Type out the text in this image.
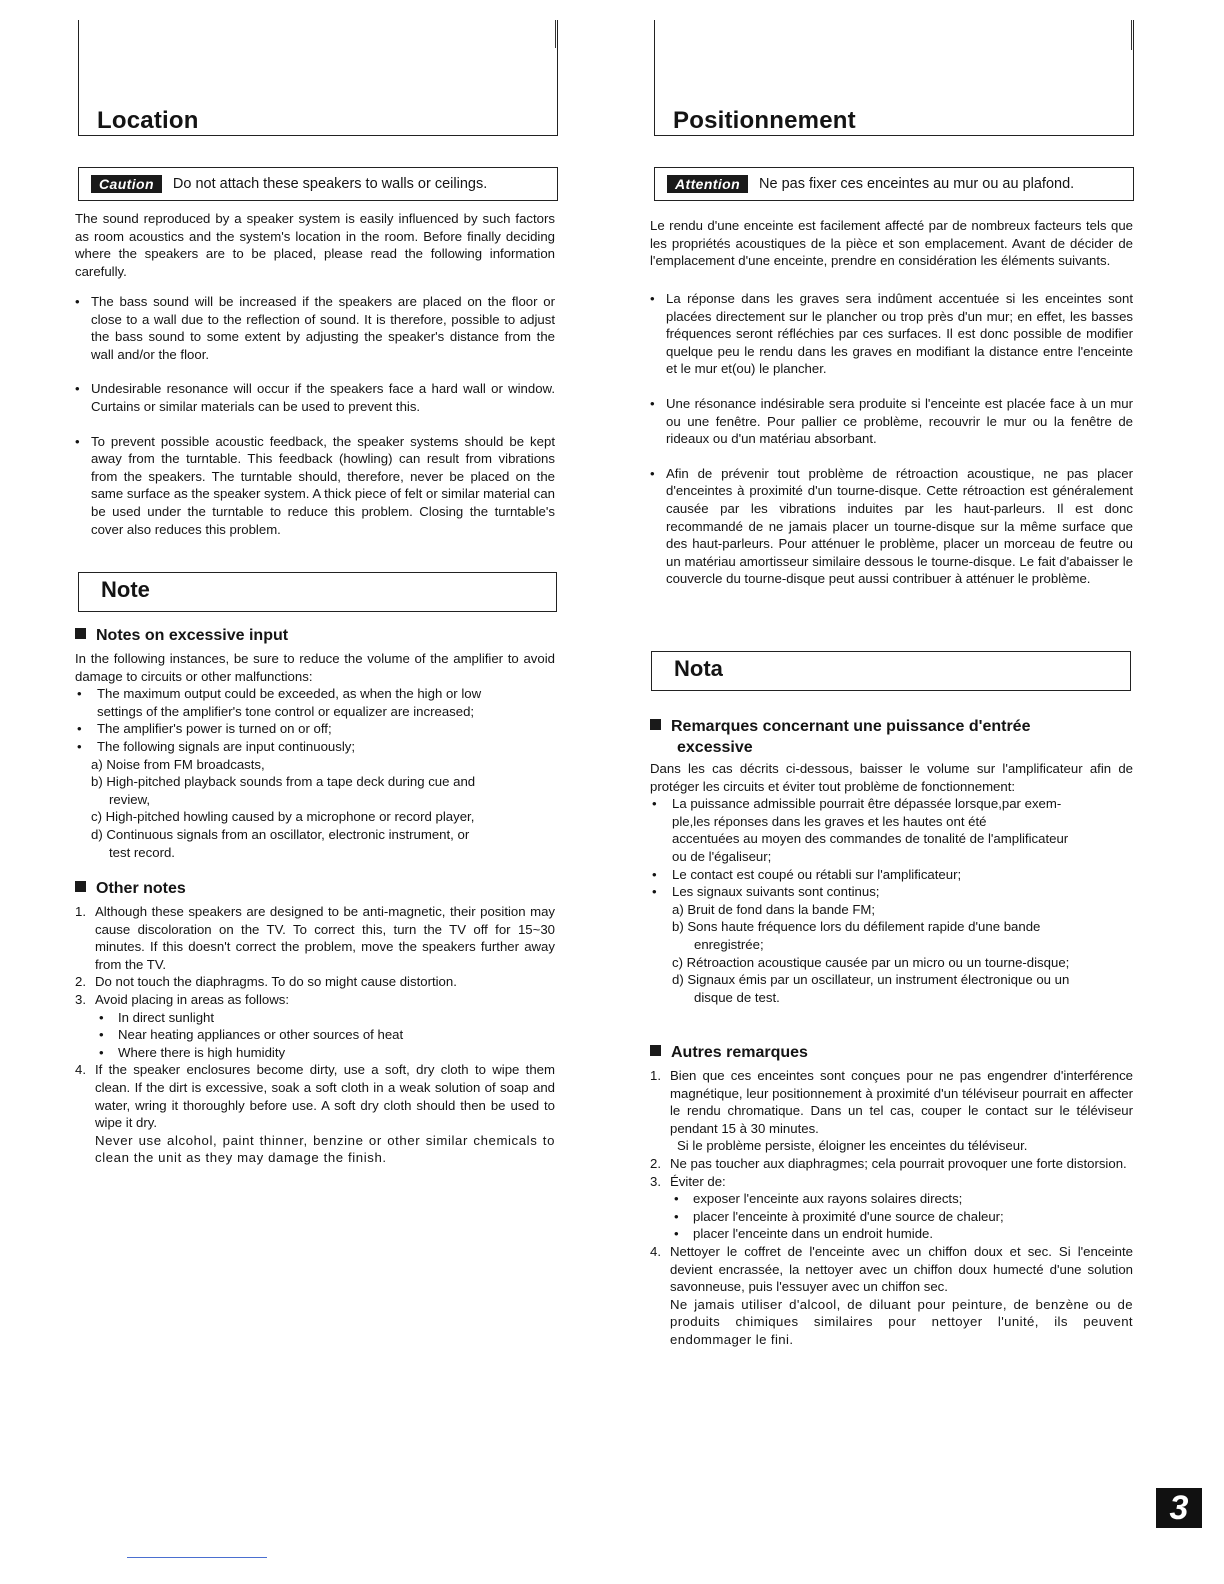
Location
Caution	Do not attach these speakers to walls or ceilings.

The sound reproduced by a speaker system is easily influenced by such factors as room acoustics and the system's location in the room. Before finally deciding where the speakers are to be placed, please read the following information carefully.

• The bass sound will be increased if the speakers are placed on the floor or close to a wall due to the reflection of sound. It is therefore, possible to adjust the bass sound to some extent by adjusting the speaker's distance from the wall and/or the floor.
• Undesirable resonance will occur if the speakers face a hard wall or window. Curtains or similar materials can be used to prevent this.
• To prevent possible acoustic feedback, the speaker systems should be kept away from the turntable. This feedback (howling) can result from vibrations from the speakers. The turntable should, therefore, never be placed on the same surface as the speaker system. A thick piece of felt or similar material can be used under the turntable to reduce this problem. Closing the turntable's cover also reduces this problem.
Note
Notes on excessive input
In the following instances, be sure to reduce the volume of the amplifier to avoid damage to circuits or other malfunctions:
• The maximum output could be exceeded, as when the high or low
settings of the amplifier's tone control or equalizer are increased;
• The amplifier's power is turned on or off;
• The following signals are input continuously;
a) Noise from FM broadcasts,
b) High-pitched playback sounds from a tape deck during cue and
review,
c) High-pitched howling caused by a microphone or record player,
d) Continuous signals from an oscillator, electronic instrument, or
test record.
Other notes
1. Although these speakers are designed to be anti-magnetic, their position may cause discoloration on the TV. To correct this, turn the TV off for 15~30 minutes. If this doesn't correct the problem, move the speakers further away from the TV.
2. Do not touch the diaphragms. To do so might cause distortion.
3. Avoid placing in areas as follows:
• In direct sunlight
• Near heating appliances or other sources of heat
• Where there is high humidity
4. If the speaker enclosures become dirty, use a soft, dry cloth to wipe them clean. If the dirt is excessive, soak a soft cloth in a weak solution of soap and water, wring it thoroughly before use. A soft dry cloth should then be used to wipe it dry.
Never use alcohol, paint thinner, benzine or other similar chemicals to clean the unit as they may damage the finish.
Positionnement
Attention	Ne pas fixer ces enceintes au mur ou au plafond.

Le rendu d'une enceinte est facilement affecté par de nombreux facteurs tels que les propriétés acoustiques de la pièce et son emplacement. Avant de décider de l'emplacement d'une enceinte, prendre en considération les éléments suivants.

• La réponse dans les graves sera indûment accentuée si les enceintes sont placées directement sur le plancher ou trop près d'un mur; en effet, les basses fréquences seront réfléchies par ces surfaces. Il est donc possible de modifier quelque peu le rendu dans les graves en modifiant la distance entre l'enceinte et le mur et(ou) le plancher.
• Une résonance indésirable sera produite si l'enceinte est placée face à un mur ou une fenêtre. Pour pallier ce problème, recouvrir le mur ou la fenêtre de rideaux ou d'un matériau absorbant.
• Afin de prévenir tout problème de rétroaction acoustique, ne pas placer d'enceintes à proximité d'un tourne-disque. Cette rétroaction est généralement causée par les vibrations induites par les haut-parleurs. Il est donc recommandé de ne jamais placer un tourne-disque sur la même surface que des haut-parleurs. Pour atténuer le problème, placer un morceau de feutre ou un matériau amortisseur similaire dessous le tourne-disque. Le fait d'abaisser le couvercle du tourne-disque peut aussi contribuer à atténuer le problème.
Nota
Remarques concernant une puissance d'entrée
excessive
Dans les cas décrits ci-dessous, baisser le volume sur l'amplificateur afin de protéger les circuits et éviter tout problème de fonctionnement:
• La puissance admissible pourrait être dépassée lorsque,par exem-
ple,les réponses dans les graves et les hautes ont été
accentuées au moyen des commandes de tonalité de l'amplificateur
ou de l'égaliseur;
• Le contact est coupé ou rétabli sur l'amplificateur;
• Les signaux suivants sont continus;
a) Bruit de fond dans la bande FM;
b) Sons haute fréquence lors du défilement rapide d'une bande
enregistrée;
c) Rétroaction acoustique causée par un micro ou un tourne-disque;
d) Signaux émis par un oscillateur, un instrument électronique ou un
disque de test.
Autres remarques
1. Bien que ces enceintes sont conçues pour ne pas engendrer d'interférence magnétique, leur positionnement à proximité d'un téléviseur pourrait en affecter le rendu chromatique. Dans un tel cas, couper le contact sur le téléviseur pendant 15 à 30 minutes.
Si le problème persiste, éloigner les enceintes du téléviseur.
2. Ne pas toucher aux diaphragmes; cela pourrait provoquer une forte distorsion.
3. Éviter de:
• exposer l'enceinte aux rayons solaires directs;
• placer l'enceinte à proximité d'une source de chaleur;
• placer l'enceinte dans un endroit humide.
4. Nettoyer le coffret de l'enceinte avec un chiffon doux et sec. Si l'enceinte devient encrassée, la nettoyer avec un chiffon doux humecté d'une solution savonneuse, puis l'essuyer avec un chiffon sec.
Ne jamais utiliser d'alcool, de diluant pour peinture, de benzène ou de produits chimiques similaires pour nettoyer l'unité, ils peuvent endommager le fini.
3
